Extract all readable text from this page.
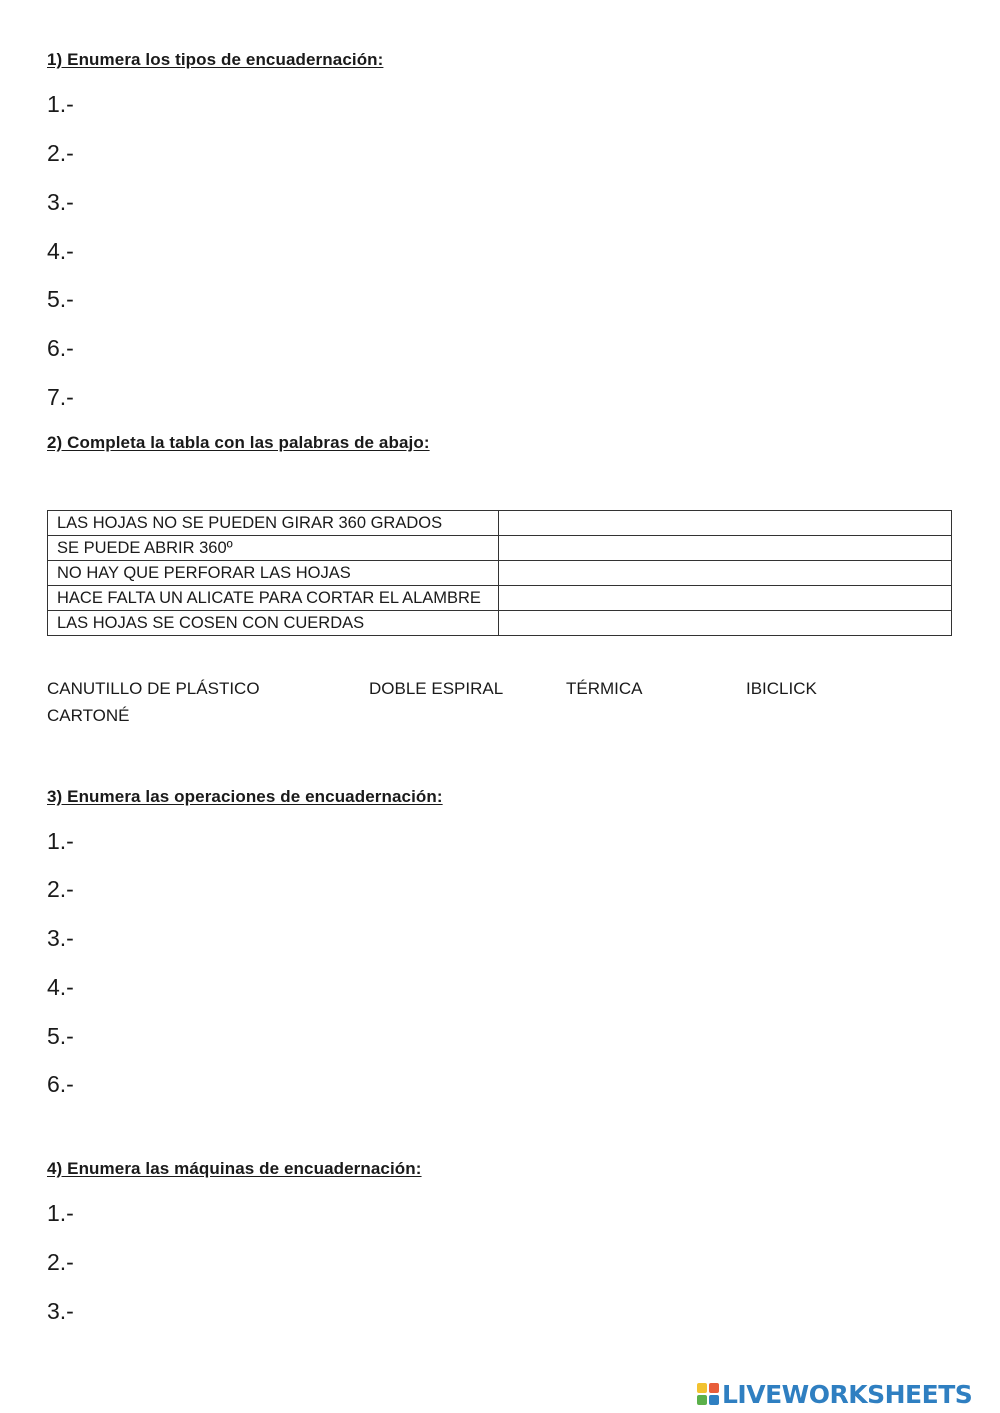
1) Enumera los tipos de encuadernación:
1.-
2.-
3.-
4.-
5.-
6.-
7.-
2) Completa la tabla con las palabras de abajo:
LAS HOJAS NO SE PUEDEN GIRAR 360 GRADOS	
SE PUEDE ABRIR 360º	
NO HAY QUE PERFORAR LAS HOJAS	
HACE FALTA UN ALICATE PARA CORTAR EL ALAMBRE	
LAS HOJAS SE COSEN CON CUERDAS	
CANUTILLO DE PLÁSTICO	DOBLE ESPIRAL	TÉRMICA	IBICLICK
CARTONÉ
3) Enumera las operaciones de encuadernación:
1.-
2.-
3.-
4.-
5.-
6.-
4) Enumera las máquinas de encuadernación:
1.-
2.-
3.-
LIVEWORKSHEETS
